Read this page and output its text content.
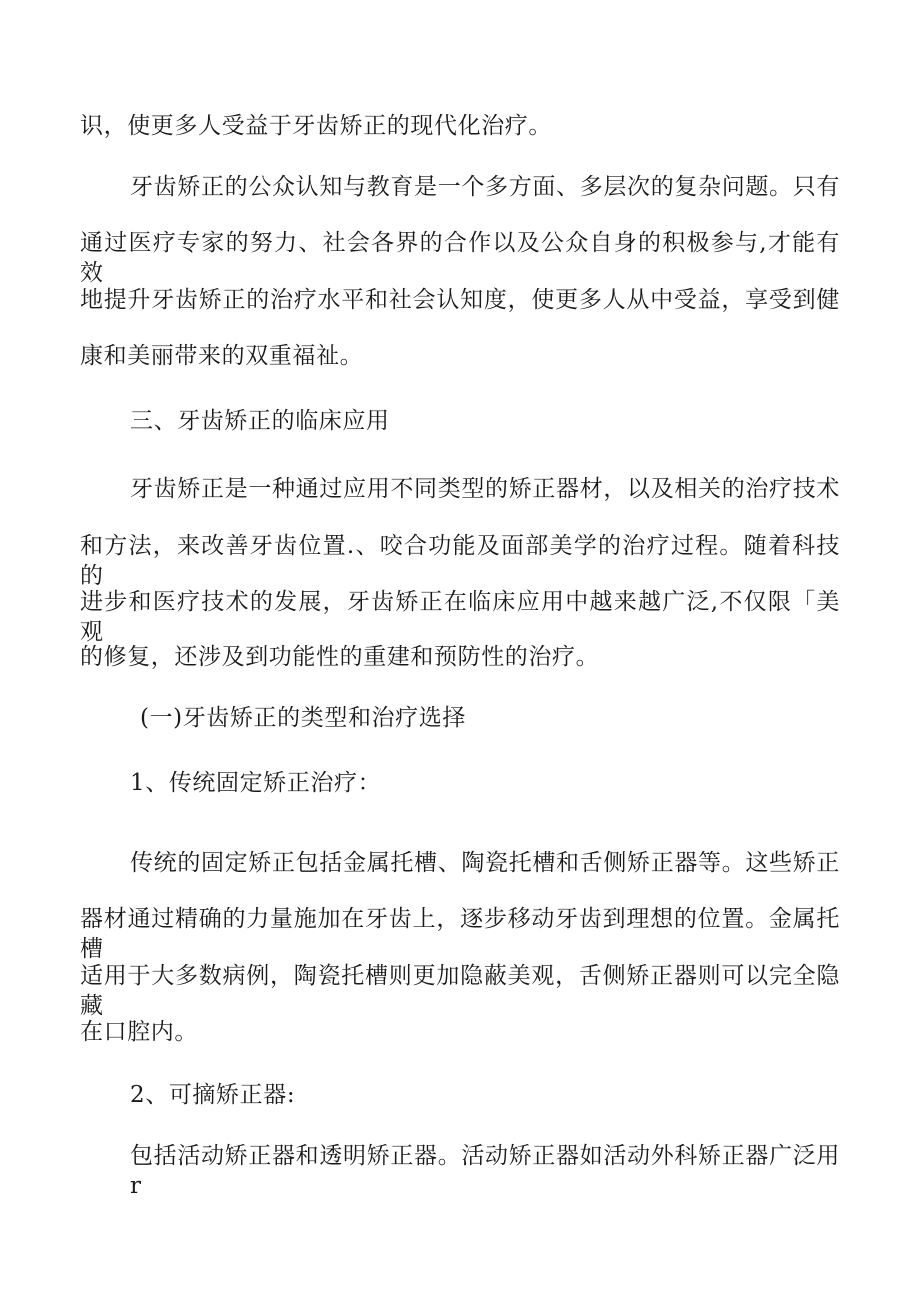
识，使更多人受益于牙齿矫正的现代化治疗。
牙齿矫正的公众认知与教育是一个多方面、多层次的复杂问题。只有
通过医疗专家的努力、社会各界的合作以及公众自身的积极参与,才能有效
地提升牙齿矫正的治疗水平和社会认知度，使更多人从中受益，享受到健
康和美丽带来的双重福祉。
三、牙齿矫正的临床应用
牙齿矫正是一种通过应用不同类型的矫正器材，以及相关的治疗技术
和方法，来改善牙齿位置.、咬合功能及面部美学的治疗过程。随着科技的
进步和医疗技术的发展，牙齿矫正在临床应用中越来越广泛,不仅限「美观
的修复，还涉及到功能性的重建和预防性的治疗。
(一)牙齿矫正的类型和治疗选择
1、传统固定矫正治疗：
传统的固定矫正包括金属托槽、陶瓷托槽和舌侧矫正器等。这些矫正
器材通过精确的力量施加在牙齿上，逐步移动牙齿到理想的位置。金属托槽
适用于大多数病例，陶瓷托槽则更加隐蔽美观，舌侧矫正器则可以完全隐藏
在口腔内。
2、可摘矫正器:
包括活动矫正器和透明矫正器。活动矫正器如活动外科矫正器广泛用r
